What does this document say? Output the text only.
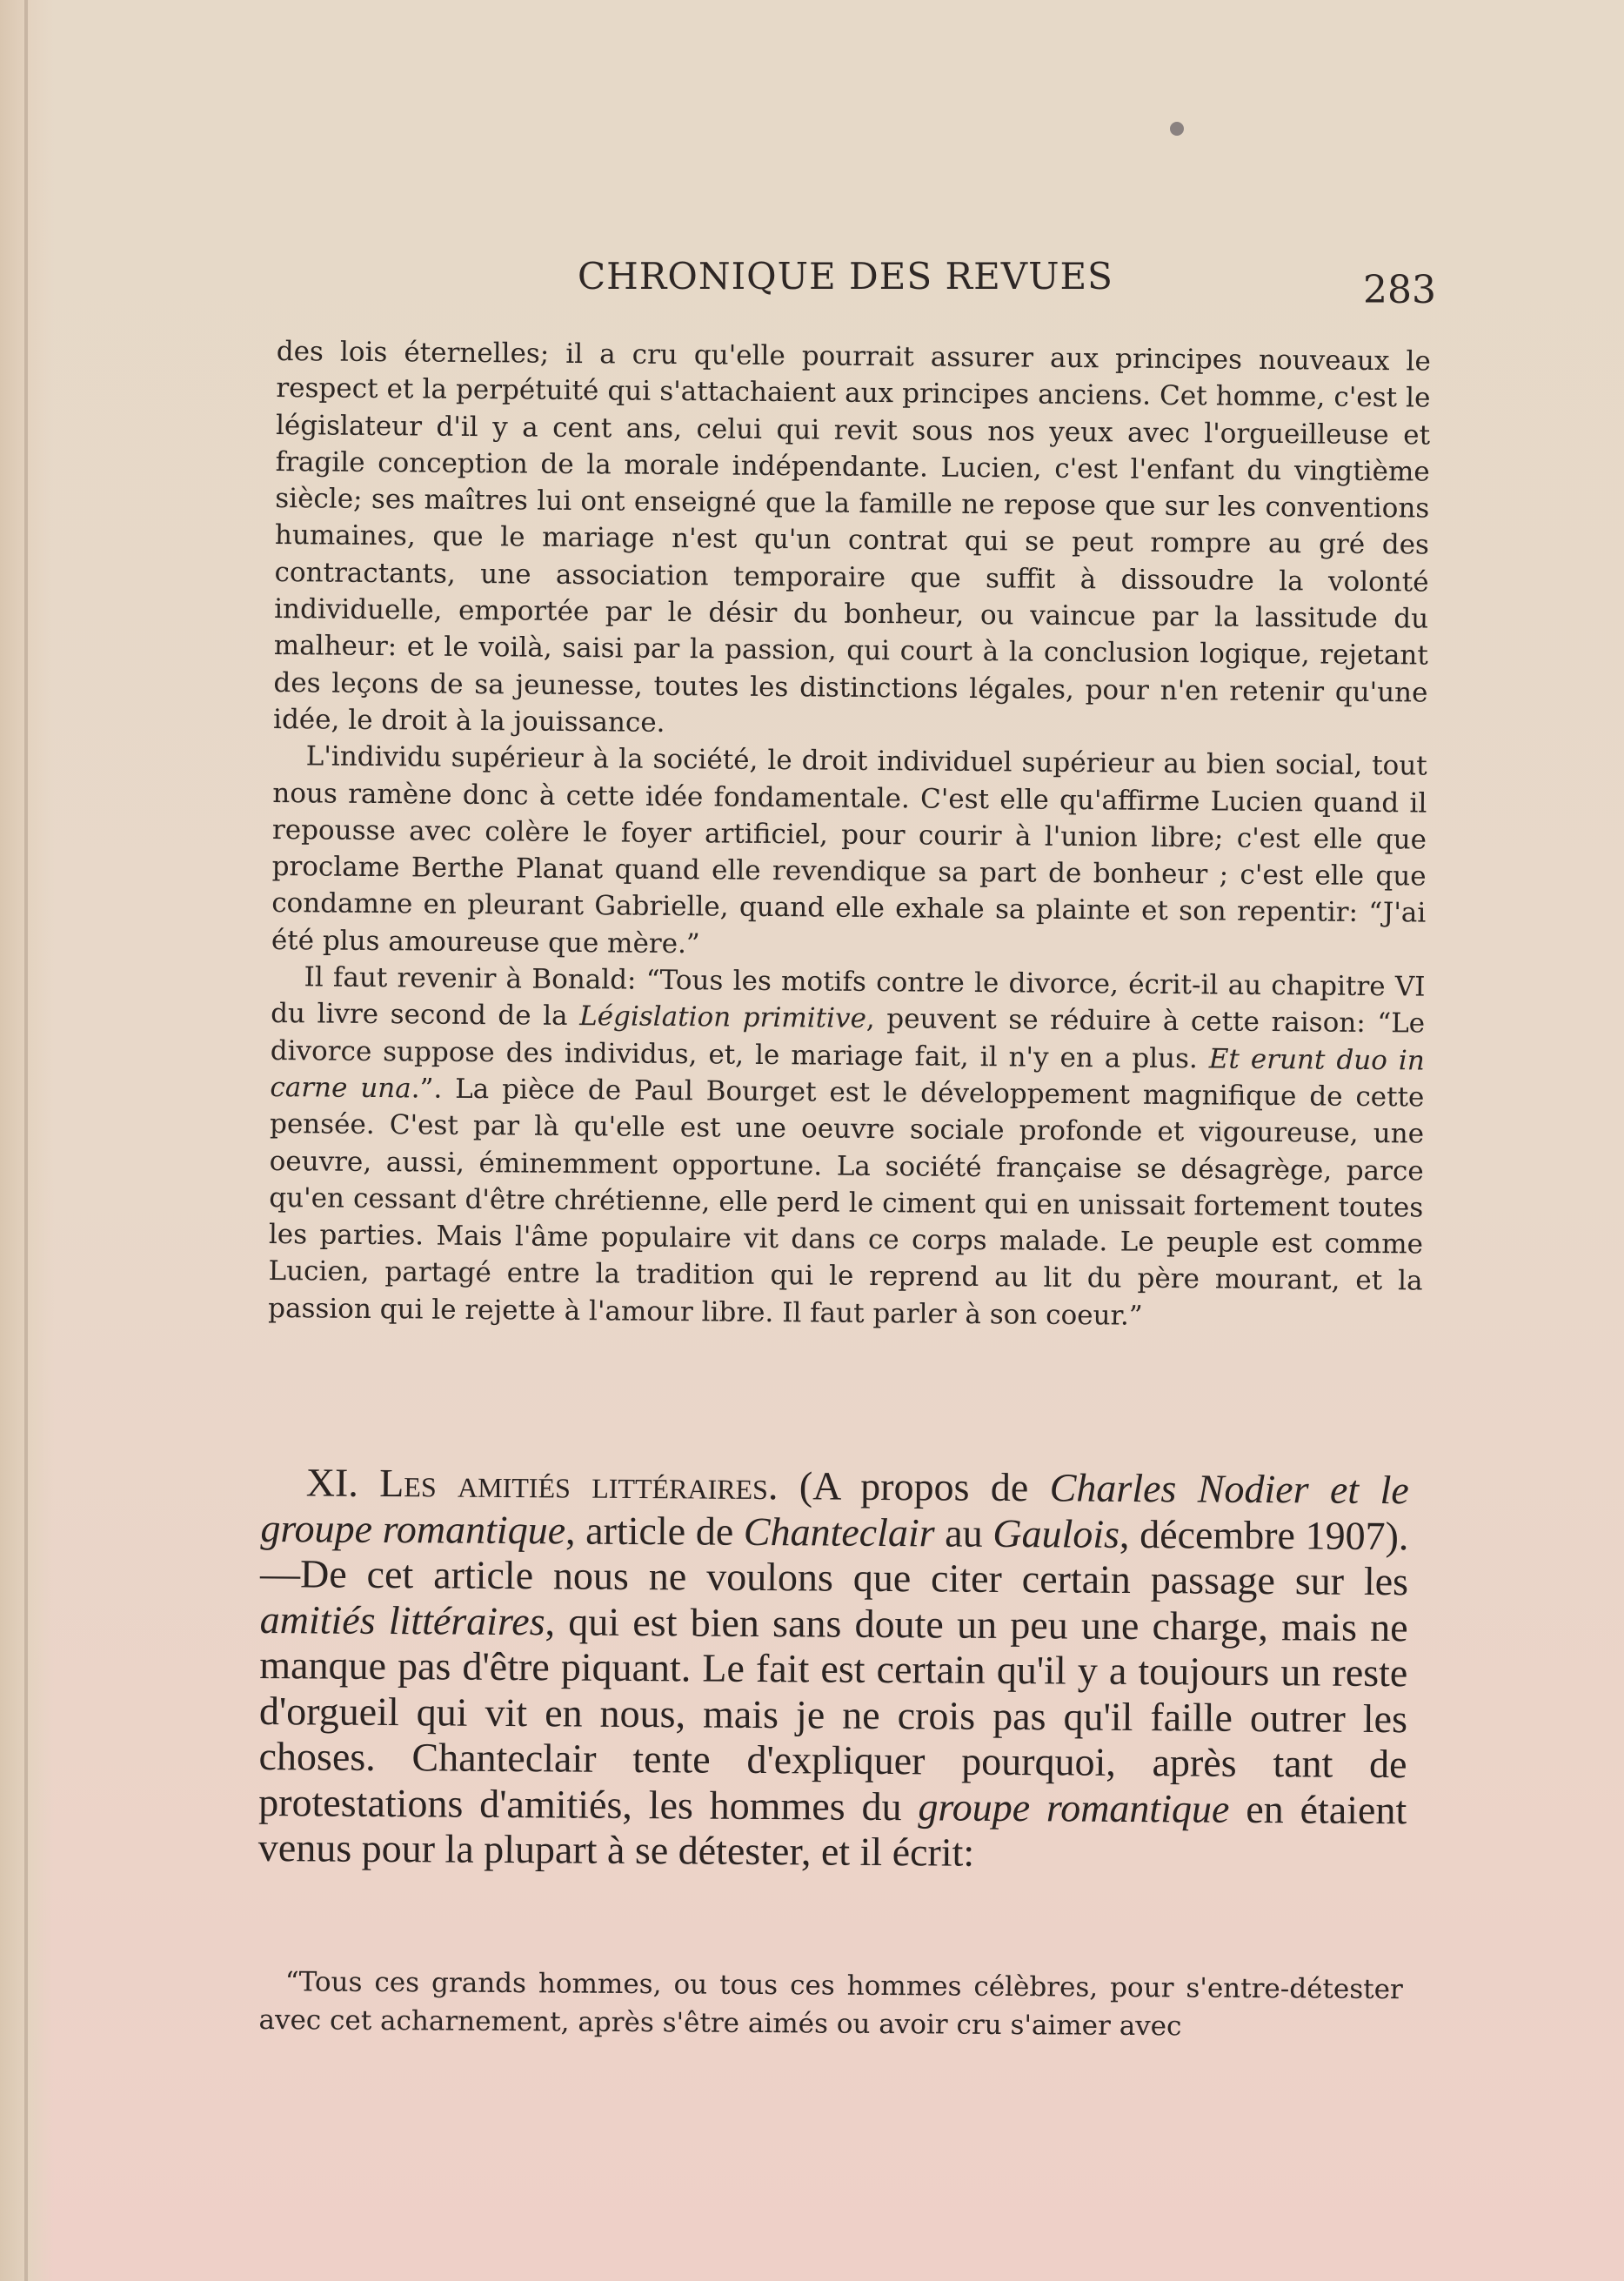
CHRONIQUE DES REVUES	283

des lois éternelles; il a cru qu'elle pourrait assurer aux principes nouveaux le respect et la perpétuité qui s'attachaient aux principes anciens. Cet homme, c'est le législateur d'il y a cent ans, celui qui revit sous nos yeux avec l'orgueilleuse et fragile conception de la morale indépendante. Lucien, c'est l'enfant du vingtième siècle; ses maîtres lui ont enseigné que la famille ne repose que sur les conventions humaines, que le mariage n'est qu'un contrat qui se peut rompre au gré des contractants, une association temporaire que suffit à dissoudre la volonté individuelle, emportée par le désir du bonheur, ou vaincue par la lassitude du malheur: et le voilà, saisi par la passion, qui court à la conclusion logique, rejetant des leçons de sa jeunesse, toutes les distinctions légales, pour n'en retenir qu'une idée, le droit à la jouissance.

L'individu supérieur à la société, le droit individuel supérieur au bien social, tout nous ramène donc à cette idée fondamentale. C'est elle qu'affirme Lucien quand il repousse avec colère le foyer artificiel, pour courir à l'union libre; c'est elle que proclame Berthe Planat quand elle revendique sa part de bonheur ; c'est elle que condamne en pleurant Gabrielle, quand elle exhale sa plainte et son repentir: “J'ai été plus amoureuse que mère.”

Il faut revenir à Bonald: “Tous les motifs contre le divorce, écrit-il au chapitre VI du livre second de la Législation primitive, peuvent se réduire à cette raison: “Le divorce suppose des individus, et, le mariage fait, il n'y en a plus. Et erunt duo in carne una.”. La pièce de Paul Bourget est le développement magnifique de cette pensée. C'est par là qu'elle est une oeuvre sociale profonde et vigoureuse, une oeuvre, aussi, éminemment opportune. La société française se désagrège, parce qu'en cessant d'être chrétienne, elle perd le ciment qui en unissait fortement toutes les parties. Mais l'âme populaire vit dans ce corps malade. Le peuple est comme Lucien, partagé entre la tradition qui le reprend au lit du père mourant, et la passion qui le rejette à l'amour libre. Il faut parler à son coeur.”

XI. Les amitiés littéraires. (A propos de Charles Nodier et le groupe romantique, article de Chanteclair au Gaulois, décembre 1907).—De cet article nous ne voulons que citer certain passage sur les amitiés littéraires, qui est bien sans doute un peu une charge, mais ne manque pas d'être piquant. Le fait est certain qu'il y a toujours un reste d'orgueil qui vit en nous, mais je ne crois pas qu'il faille outrer les choses. Chanteclair tente d'expliquer pourquoi, après tant de protestations d'amitiés, les hommes du groupe romantique en étaient venus pour la plupart à se détester, et il écrit:

“Tous ces grands hommes, ou tous ces hommes célèbres, pour s'entre-détester avec cet acharnement, après s'être aimés ou avoir cru s'aimer avec
